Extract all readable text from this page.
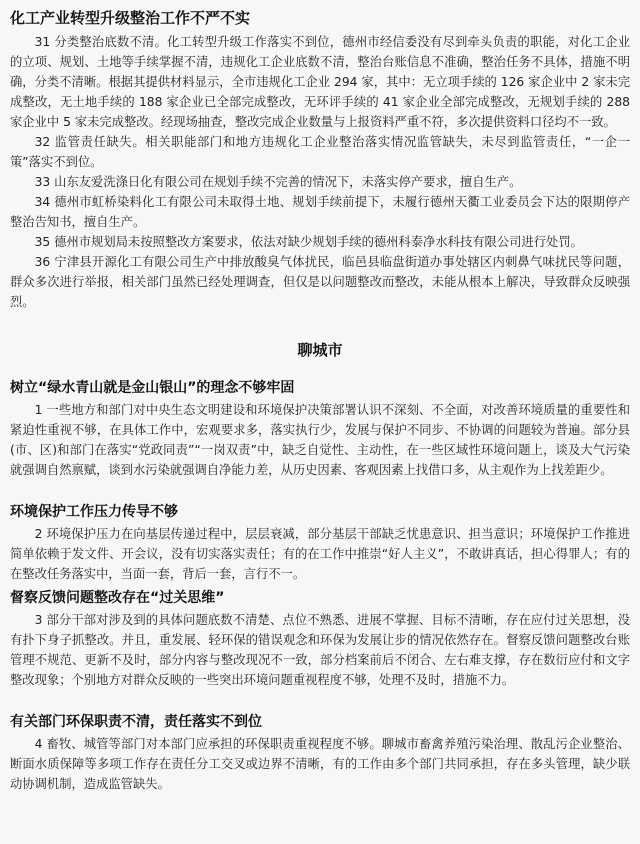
化工产业转型升级整治工作不严不实

31 分类整治底数不清。化工转型升级工作落实不到位，德州市经信委没有尽到牵头负责的职能，对化工企业的立项、规划、土地等手续掌握不清，违规化工企业底数不清，整治台账信息不准确，整治任务不具体，措施不明确，分类不清晰。根据其提供材料显示，全市违规化工企业 294 家，其中：无立项手续的 126 家企业中 2 家未完成整改，无土地手续的 188 家企业已全部完成整改，无环评手续的 41 家企业全部完成整改，无规划手续的 288 家企业中 5 家未完成整改。经现场抽查，整改完成企业数量与上报资料严重不符，多次提供资料口径均不一致。

32 监管责任缺失。相关职能部门和地方违规化工企业整治落实情况监管缺失，未尽到监管责任，“一企一策”落实不到位。

33 山东友爱洗涤日化有限公司在规划手续不完善的情况下，未落实停产要求，擅自生产。

34 德州市虹桥染料化工有限公司未取得土地、规划手续前提下，未履行德州天衢工业委员会下达的限期停产整治告知书，擅自生产。

35 德州市规划局未按照整改方案要求，依法对缺少规划手续的德州科泰净水科技有限公司进行处罚。

36 宁津县开源化工有限公司生产中排放酸臭气体扰民，临邑县临盘街道办事处辖区内刺鼻气味扰民等问题，群众多次进行举报，相关部门虽然已经处理调查，但仅是以问题整改而整改，未能从根本上解决，导致群众反映强烈。

聊城市
树立“绿水青山就是金山银山”的理念不够牢固

1 一些地方和部门对中央生态文明建设和环境保护决策部署认识不深刻、不全面，对改善环境质量的重要性和紧迫性重视不够，在具体工作中，宏观要求多，落实执行少，发展与保护不同步、不协调的问题较为普遍。部分县(市、区)和部门在落实“党政同责”“一岗双责”中，缺乏自觉性、主动性，在一些区域性环境问题上，谈及大气污染就强调自然禀赋，谈到水污染就强调自净能力差，从历史因素、客观因素上找借口多，从主观作为上找差距少。

环境保护工作压力传导不够

2 环境保护压力在向基层传递过程中，层层衰减，部分基层干部缺乏忧患意识、担当意识；环境保护工作推进简单依赖于发文件、开会议，没有切实落实责任；有的在工作中推崇“好人主义”，不敢讲真话，担心得罪人；有的在整改任务落实中，当面一套，背后一套，言行不一。

督察反馈问题整改存在“过关思维”

3 部分干部对涉及到的具体问题底数不清楚、点位不熟悉、进展不掌握、目标不清晰，存在应付过关思想，没有扑下身子抓整改。并且，重发展、轻环保的错误观念和环保为发展让步的情况依然存在。督察反馈问题整改台账管理不规范、更新不及时，部分内容与整改现况不一致，部分档案前后不闭合、左右难支撑，存在数衍应付和文字整改现象；个别地方对群众反映的一些突出环境问题重视程度不够，处理不及时，措施不力。

有关部门环保职责不清，责任落实不到位

4 畜牧、城管等部门对本部门应承担的环保职责重视程度不够。聊城市畜禽养殖污染治理、散乱污企业整治、断面水质保障等多项工作存在责任分工交叉或边界不清晰，有的工作由多个部门共同承担，存在多头管理，缺少联动协调机制，造成监管缺失。
